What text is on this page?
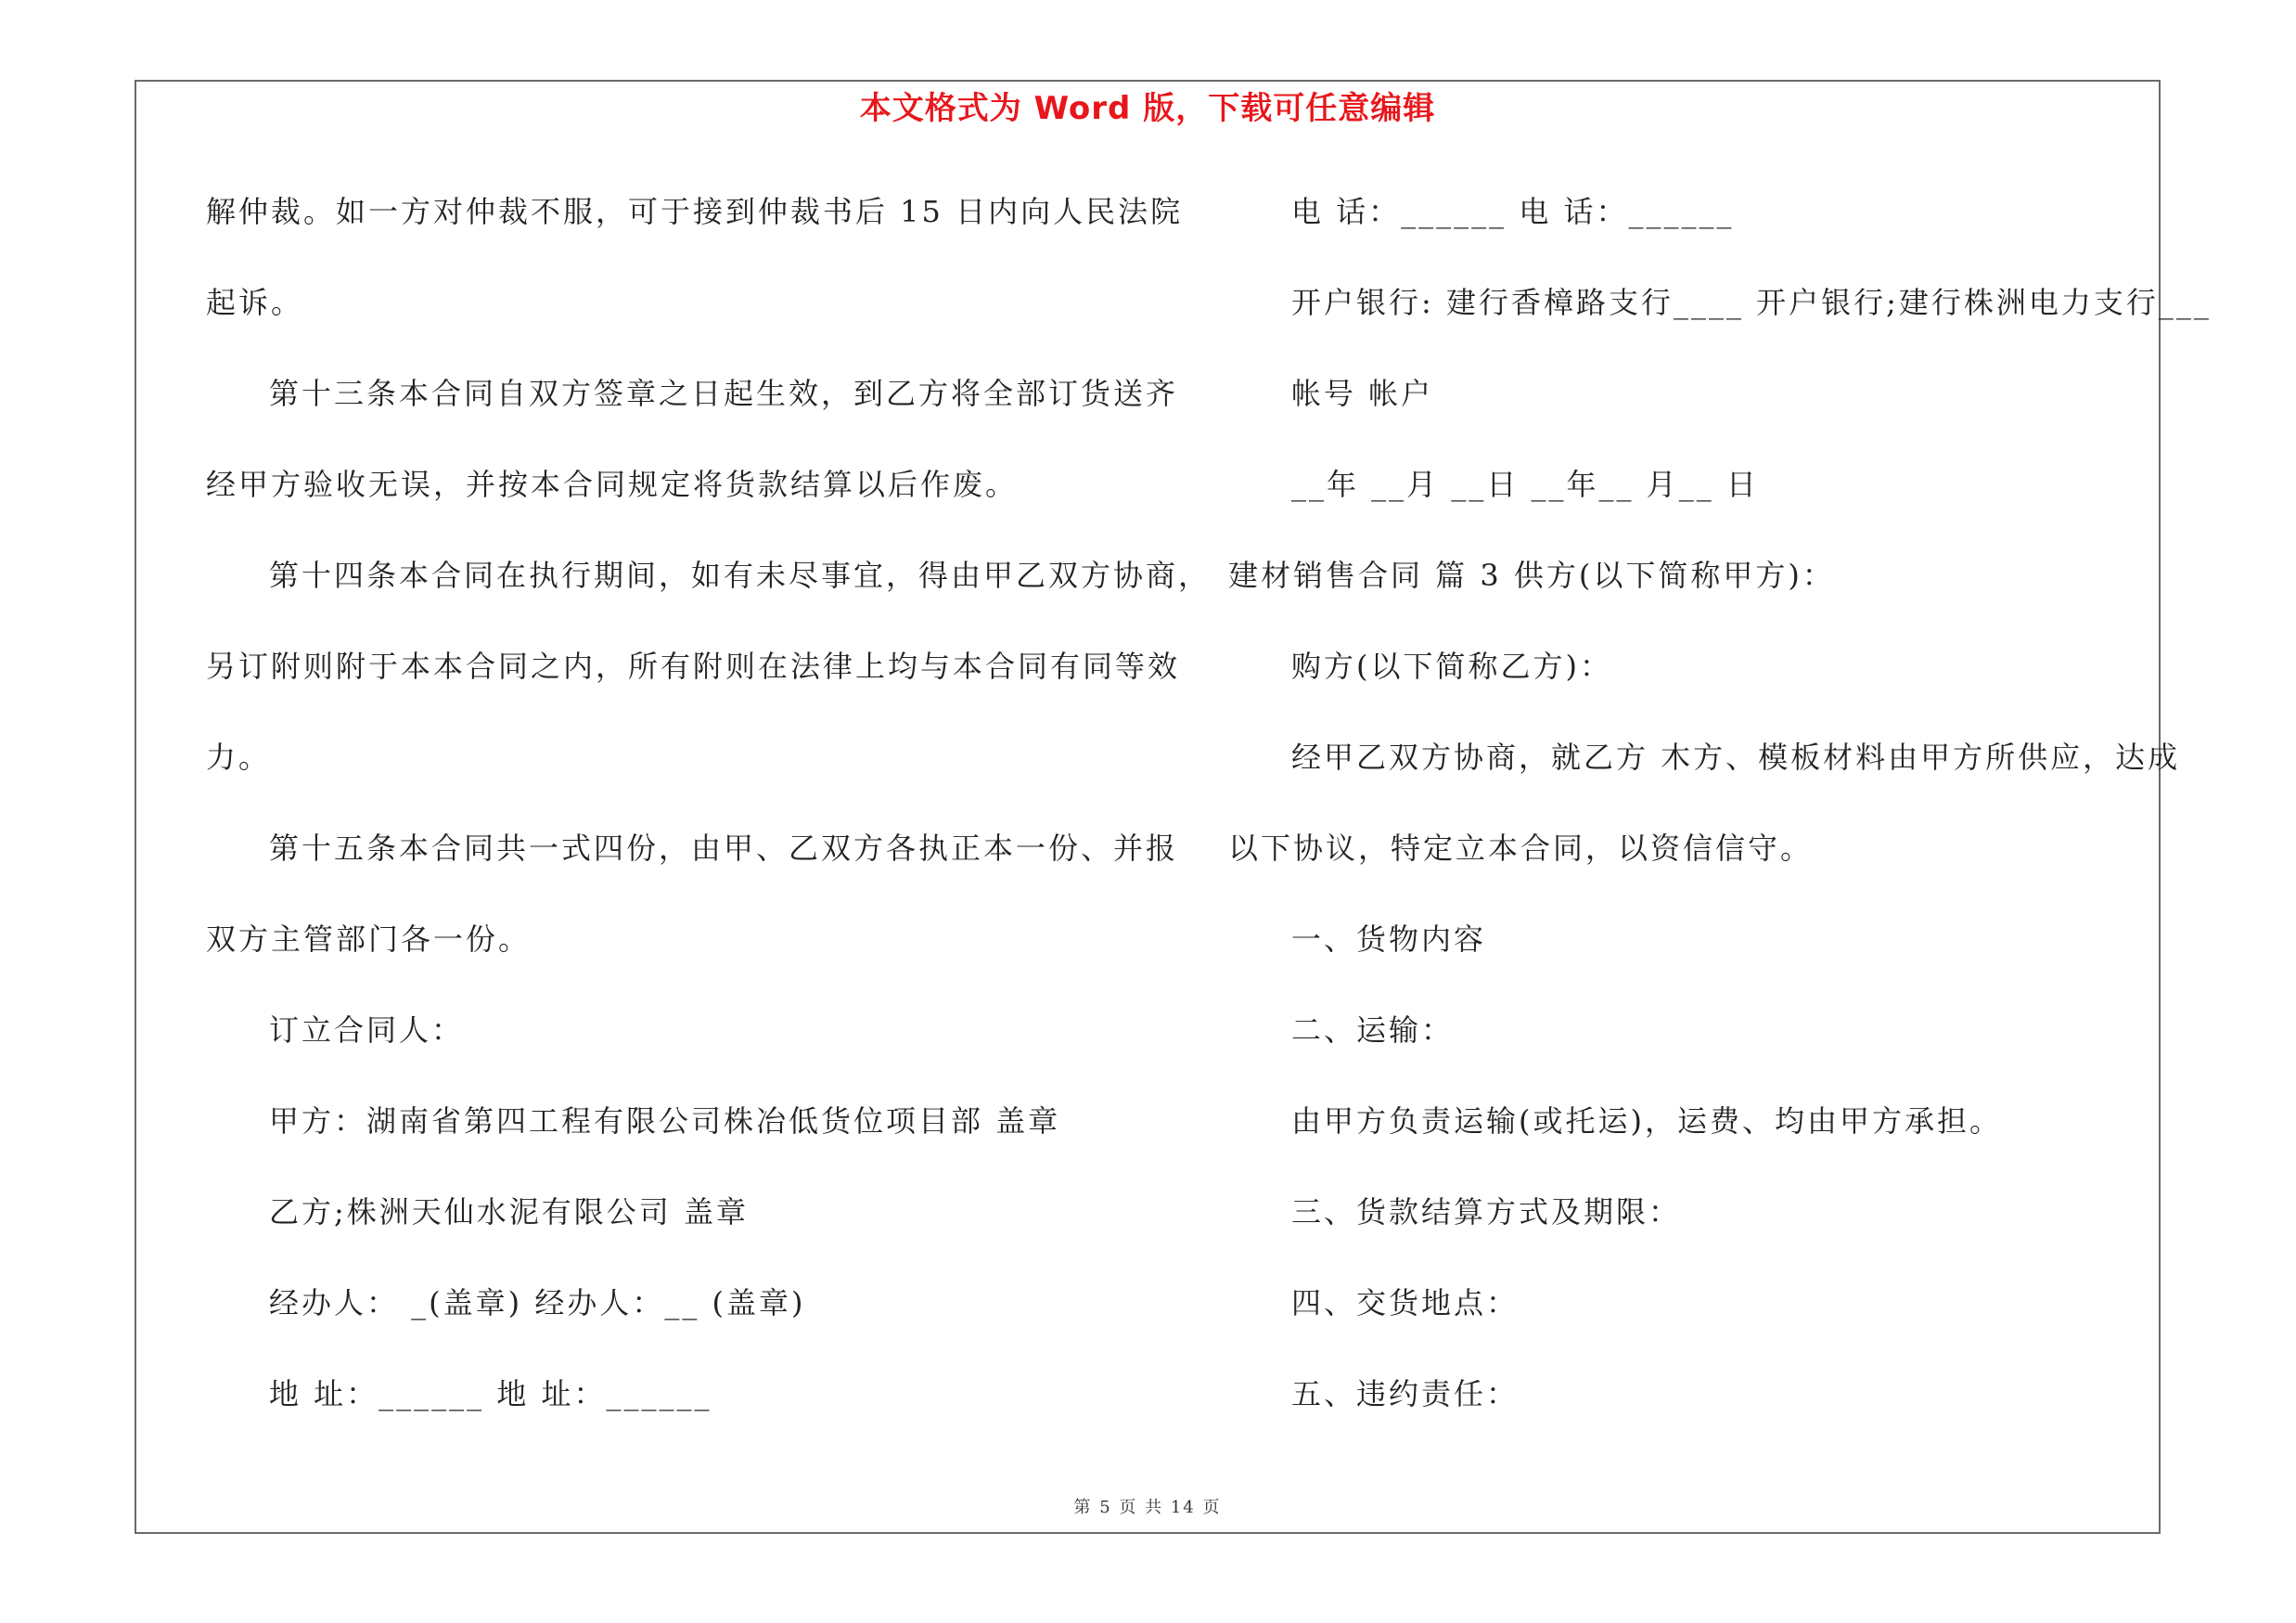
本文格式为 Word 版，下载可任意编辑
解仲裁。如一方对仲裁不服，可于接到仲裁书后 15 日内向人民法院
起诉。
第十三条本合同自双方签章之日起生效，到乙方将全部订货送齐
经甲方验收无误，并按本合同规定将货款结算以后作废。
第十四条本合同在执行期间，如有未尽事宜，得由甲乙双方协商，
另订附则附于本本合同之内，所有附则在法律上均与本合同有同等效
力。
第十五条本合同共一式四份，由甲、乙双方各执正本一份、并报
双方主管部门各一份。
订立合同人：
甲方：湖南省第四工程有限公司株冶低货位项目部 盖章
乙方;株洲天仙水泥有限公司 盖章
经办人： _(盖章) 经办人：__ (盖章)
地 址：______ 地 址：______
电 话：______ 电 话：______
开户银行: 建行香樟路支行____ 开户银行;建行株洲电力支行___
帐号 帐户
__年 __月 __日 __年__ 月__ 日
建材销售合同 篇 3 供方(以下简称甲方)：
购方(以下简称乙方)：
经甲乙双方协商，就乙方 木方、模板材料由甲方所供应，达成
以下协议，特定立本合同，以资信信守。
一、货物内容
二、运输：
由甲方负责运输(或托运)，运费、均由甲方承担。
三、货款结算方式及期限：
四、交货地点：
五、违约责任：
第 5 页 共 14 页
